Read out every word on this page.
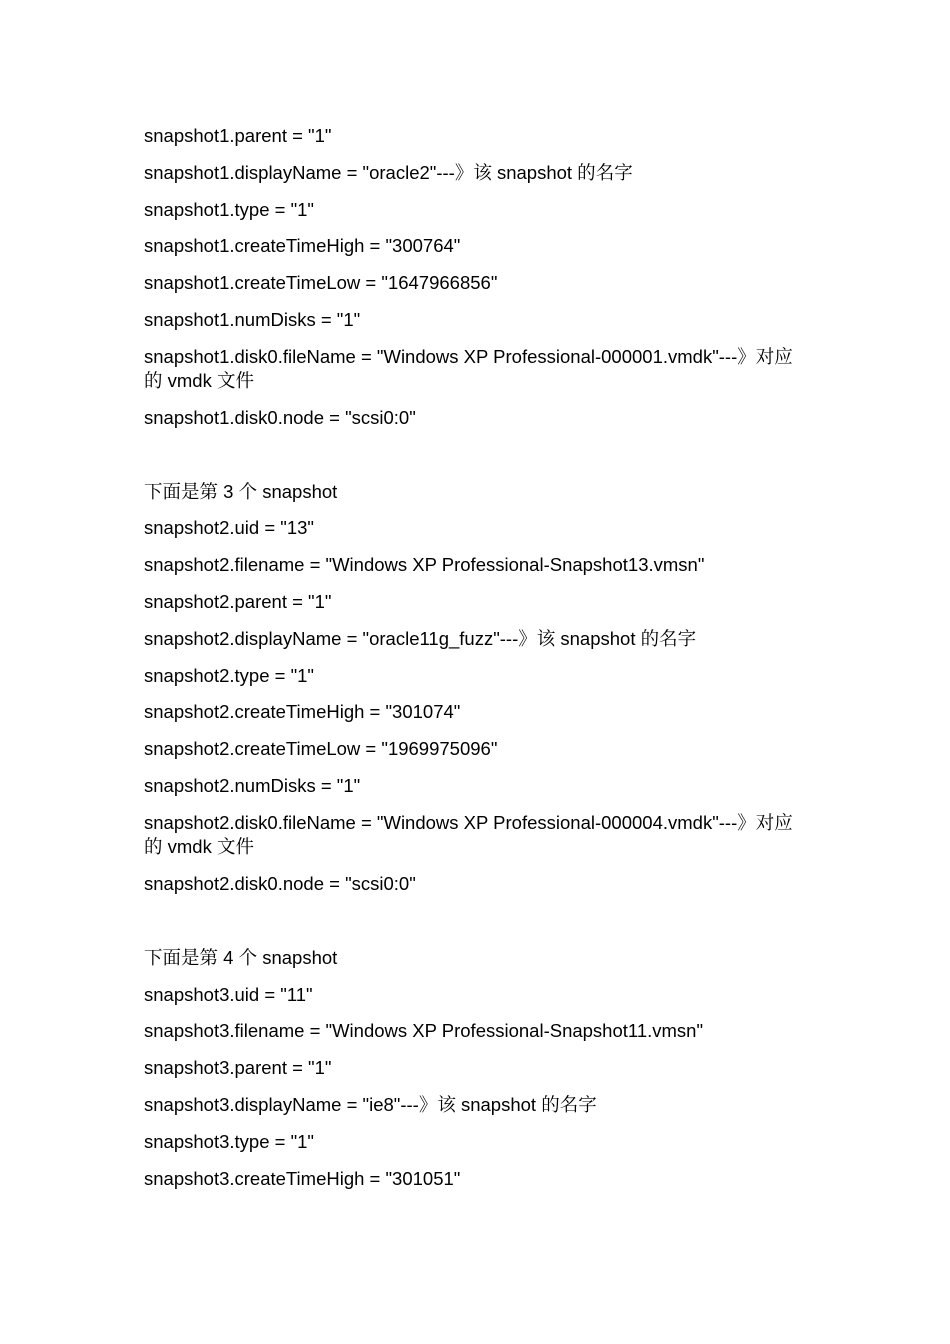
snapshot1.parent = "1"
snapshot1.displayName = "oracle2"---》该 snapshot 的名字
snapshot1.type = "1"
snapshot1.createTimeHigh = "300764"
snapshot1.createTimeLow = "1647966856"
snapshot1.numDisks = "1"
snapshot1.disk0.fileName = "Windows XP Professional-000001.vmdk"---》对应的 vmdk 文件
snapshot1.disk0.node = "scsi0:0"
下面是第 3 个 snapshot
snapshot2.uid = "13"
snapshot2.filename = "Windows XP Professional-Snapshot13.vmsn"
snapshot2.parent = "1"
snapshot2.displayName = "oracle11g_fuzz"---》该 snapshot 的名字
snapshot2.type = "1"
snapshot2.createTimeHigh = "301074"
snapshot2.createTimeLow = "1969975096"
snapshot2.numDisks = "1"
snapshot2.disk0.fileName = "Windows XP Professional-000004.vmdk"---》对应的 vmdk 文件
snapshot2.disk0.node = "scsi0:0"
下面是第 4 个 snapshot
snapshot3.uid = "11"
snapshot3.filename = "Windows XP Professional-Snapshot11.vmsn"
snapshot3.parent = "1"
snapshot3.displayName = "ie8"---》该 snapshot 的名字
snapshot3.type = "1"
snapshot3.createTimeHigh = "301051"
